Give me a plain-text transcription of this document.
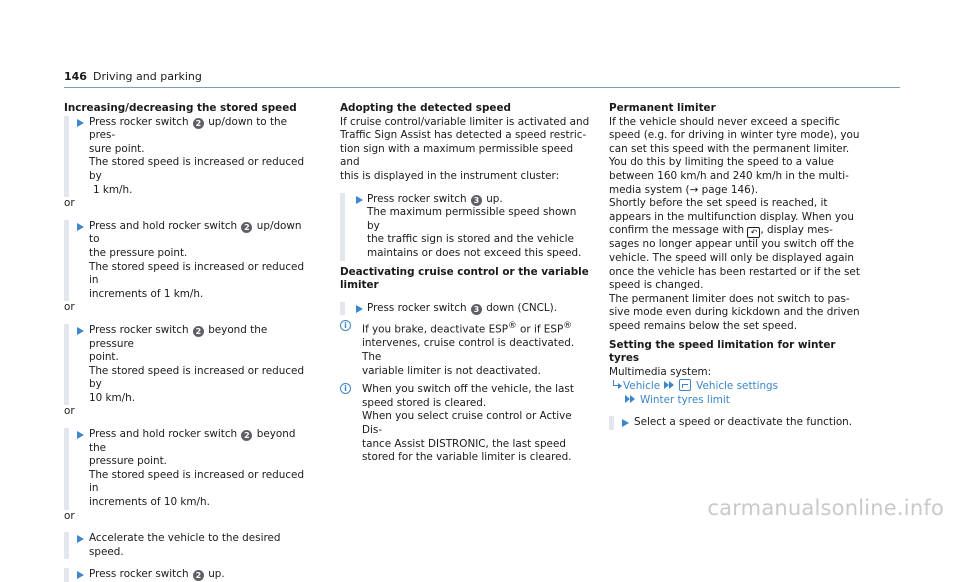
146 Driving and parking
Increasing/decreasing the stored speed
Press rocker switch 2 up/down to the pres-
sure point.
The stored speed is increased or reduced by
1 km/h.
or
Press and hold rocker switch 2 up/down to
the pressure point.
The stored speed is increased or reduced in
increments of 1 km/h.
or
Press rocker switch 2 beyond the pressure
point.
The stored speed is increased or reduced by
10 km/h.
or
Press and hold rocker switch 2 beyond the
pressure point.
The stored speed is increased or reduced in
increments of 10 km/h.
or
Accelerate the vehicle to the desired speed.
Press rocker switch 2 up.
Adopting the detected speed
If cruise control/variable limiter is activated and
Traffic Sign Assist has detected a speed restric-
tion sign with a maximum permissible speed and
this is displayed in the instrument cluster:
Press rocker switch 3 up.
The maximum permissible speed shown by
the traffic sign is stored and the vehicle
maintains or does not exceed this speed.
Deactivating cruise control or the variable
limiter
Press rocker switch 3 down (CNCL).
i	If you brake, deactivate ESP® or if ESP®
intervenes, cruise control is deactivated. The
variable limiter is not deactivated.
i	When you switch off the vehicle, the last
speed stored is cleared.
When you select cruise control or Active Dis-
tance Assist DISTRONIC, the last speed
stored for the variable limiter is cleared.
Permanent limiter
If the vehicle should never exceed a specific
speed (e.g. for driving in winter tyre mode), you
can set this speed with the permanent limiter.
You do this by limiting the speed to a value
between 160 km/h and 240 km/h in the multi-
media system (→ page 146).
Shortly before the set speed is reached, it
appears in the multifunction display. When you
confirm the message with ↶ , display mes-
sages no longer appear until you switch off the
vehicle. The speed will only be displayed again
once the vehicle has been restarted or if the set
speed is changed.
The permanent limiter does not switch to pas-
sive mode even during kickdown and the driven
speed remains below the set speed.
Setting the speed limitation for winter tyres
Multimedia system:
Vehicle	Vehicle settings
Winter tyres limit
Select a speed or deactivate the function.
carmanualsonline.info
